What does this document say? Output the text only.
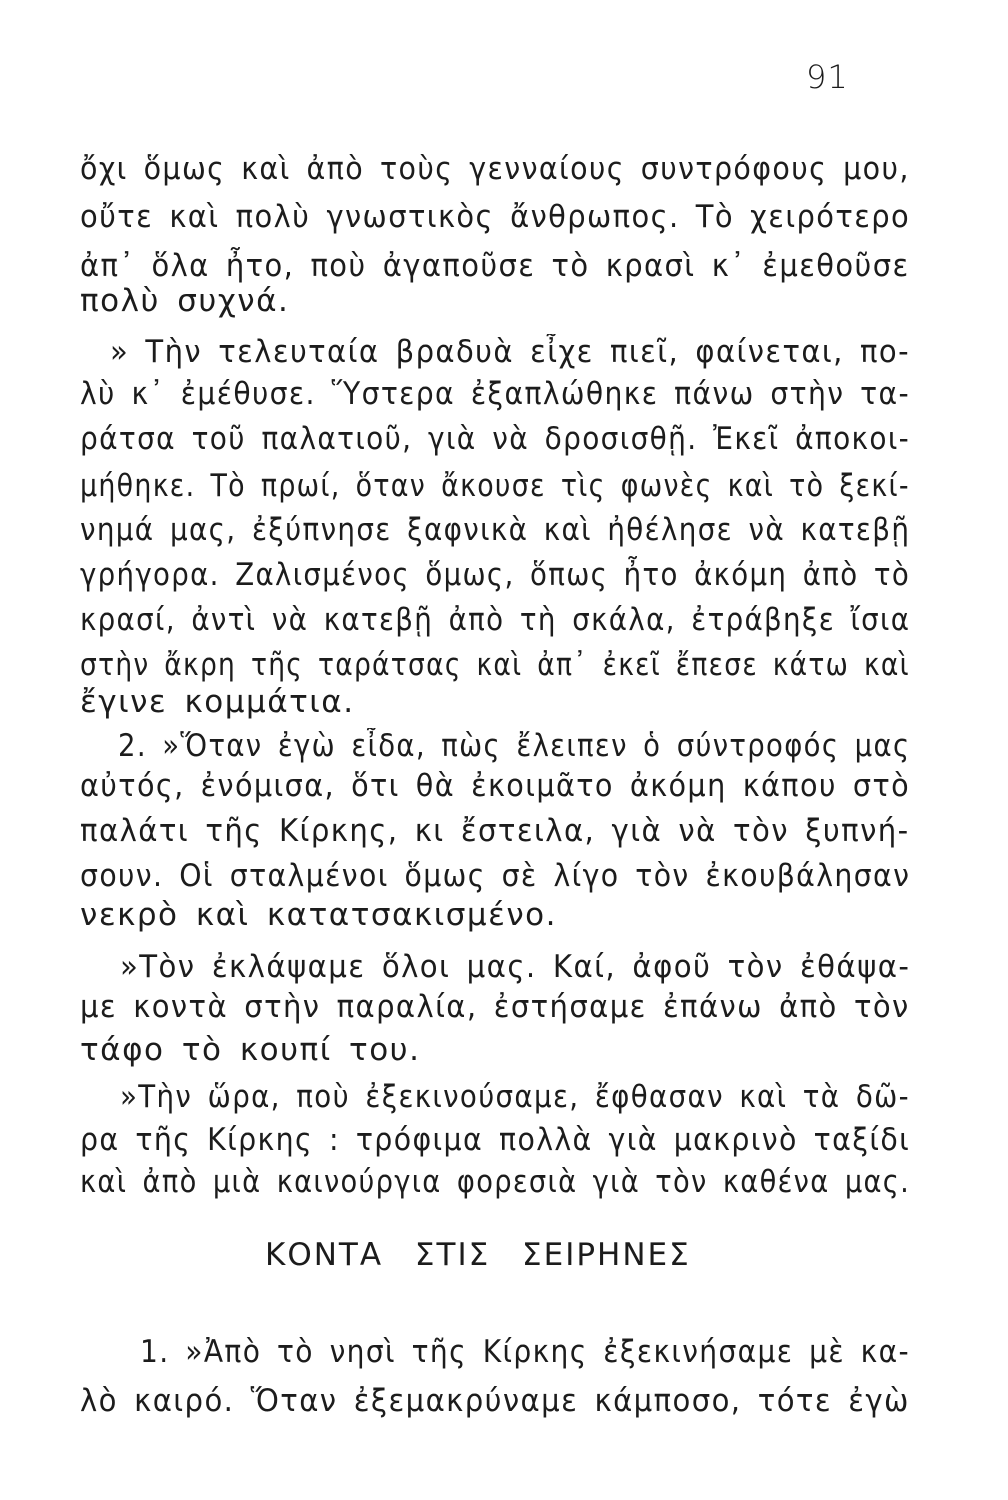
91
ὄχι ὅμως καὶ ἀπὸ τοὺς γενναίους συντρόφους μου,
οὔτε καὶ πολὺ γνωστικὸς ἄνθρωπος. Τὸ χειρότερο
ἀπ᾽ ὅλα ἦτο, ποὺ ἀγαποῦσε τὸ κρασὶ κ᾽ ἐμεθοῦσε
πολὺ συχνά.
» Τὴν τελευταία βραδυὰ εἶχε πιεῖ, φαίνεται, πο-
λὺ κ᾽ ἐμέθυσε. Ὕστερα ἐξαπλώθηκε πάνω στὴν τα-
ράτσα τοῦ παλατιοῦ, γιὰ νὰ δροσισθῇ. Ἐκεῖ ἀποκοι-
μήθηκε. Τὸ πρωί, ὅταν ἄκουσε τὶς φωνὲς καὶ τὸ ξεκί-
νημά μας, ἐξύπνησε ξαφνικὰ καὶ ἠθέλησε νὰ κατεβῇ
γρήγορα. Ζαλισμένος ὅμως, ὅπως ἦτο ἀκόμη ἀπὸ τὸ
κρασί, ἀντὶ νὰ κατεβῇ ἀπὸ τὴ σκάλα, ἐτράβηξε ἴσια
στὴν ἄκρη τῆς ταράτσας καὶ ἀπ᾽ ἐκεῖ ἔπεσε κάτω καὶ
ἔγινε κομμάτια.
2. »Ὅταν ἐγὼ εἶδα, πὼς ἔλειπεν ὁ σύντροφός μας
αὐτός, ἐνόμισα, ὅτι θὰ ἐκοιμᾶτο ἀκόμη κάπου στὸ
παλάτι τῆς Κίρκης, κι ἔστειλα, γιὰ νὰ τὸν ξυπνή-
σουν. Οἱ σταλμένοι ὅμως σὲ λίγο τὸν ἐκουβάλησαν
νεκρὸ καὶ κατατσακισμένο.
»Τὸν ἐκλάψαμε ὅλοι μας. Καί, ἀφοῦ τὸν ἐθάψα-
με κοντὰ στὴν παραλία, ἐστήσαμε ἐπάνω ἀπὸ τὸν
τάφο τὸ κουπί του.
»Τὴν ὥρα, ποὺ ἐξεκινούσαμε, ἔφθασαν καὶ τὰ δῶ-
ρα τῆς Κίρκης : τρόφιμα πολλὰ γιὰ μακρινὸ ταξίδι
καὶ ἀπὸ μιὰ καινούργια φορεσιὰ γιὰ τὸν καθένα μας.
ΚΟΝΤΑ ΣΤΙΣ ΣΕΙΡΗΝΕΣ
1. »Ἀπὸ τὸ νησὶ τῆς Κίρκης ἐξεκινήσαμε μὲ κα-
λὸ καιρό. Ὅταν ἐξεμακρύναμε κάμποσο, τότε ἐγὼ
